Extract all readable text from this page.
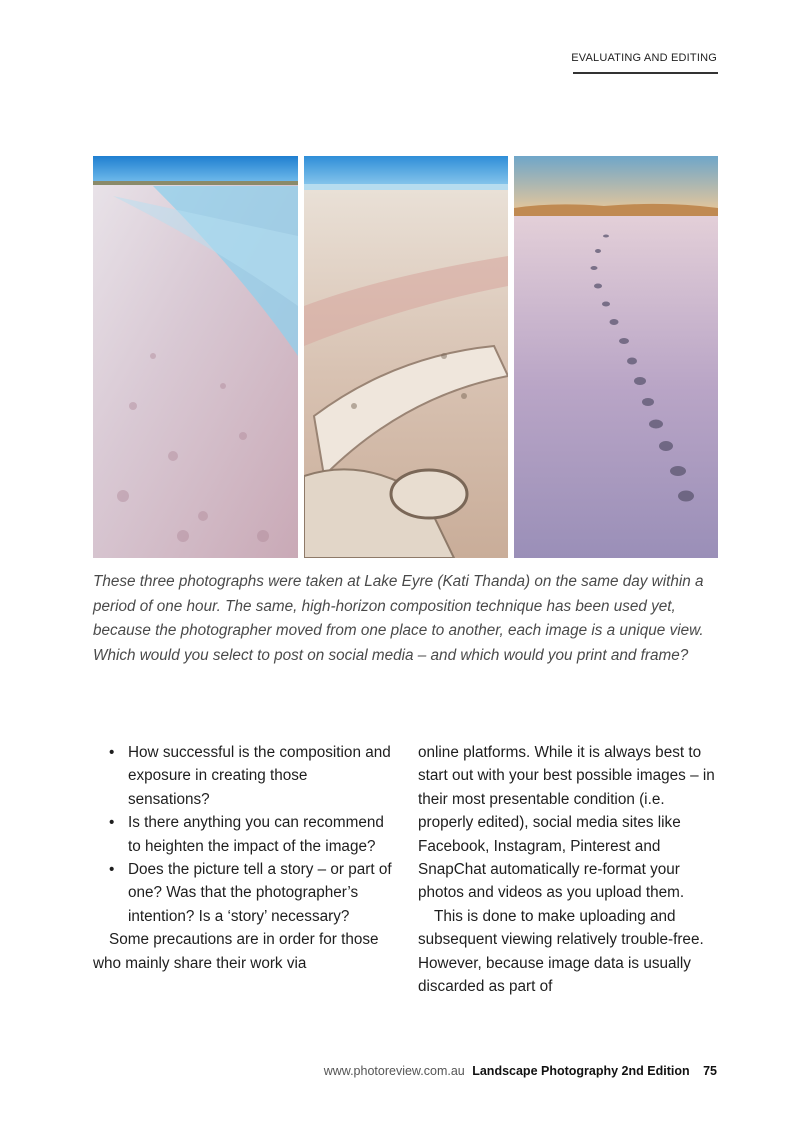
EVALUATING AND EDITING

These three photographs were taken at Lake Eyre (Kati Thanda) on the same day within a period of one hour. The same, high-horizon composition technique has been used yet, because the photographer moved from one place to another, each image is a unique view. Which would you select to post on social media – and which would you print and frame?

• How successful is the composition and exposure in creating those sensations?

• Is there anything you can recommend to heighten the impact of the image?

• Does the picture tell a story – or part of one? Was that the photographer’s intention? Is a ‘story’ necessary?

Some precautions are in order for those who mainly share their work via

online platforms. While it is always best to start out with your best possible images – in their most presentable condition (i.e. properly edited), social media sites like Facebook, Instagram, Pinterest and SnapChat automatically re-format your photos and videos as you upload them.

This is done to make uploading and subsequent viewing relatively trouble-free. However, because image data is usually discarded as part of

www.photoreview.com.au Landscape Photography 2nd Edition 75
